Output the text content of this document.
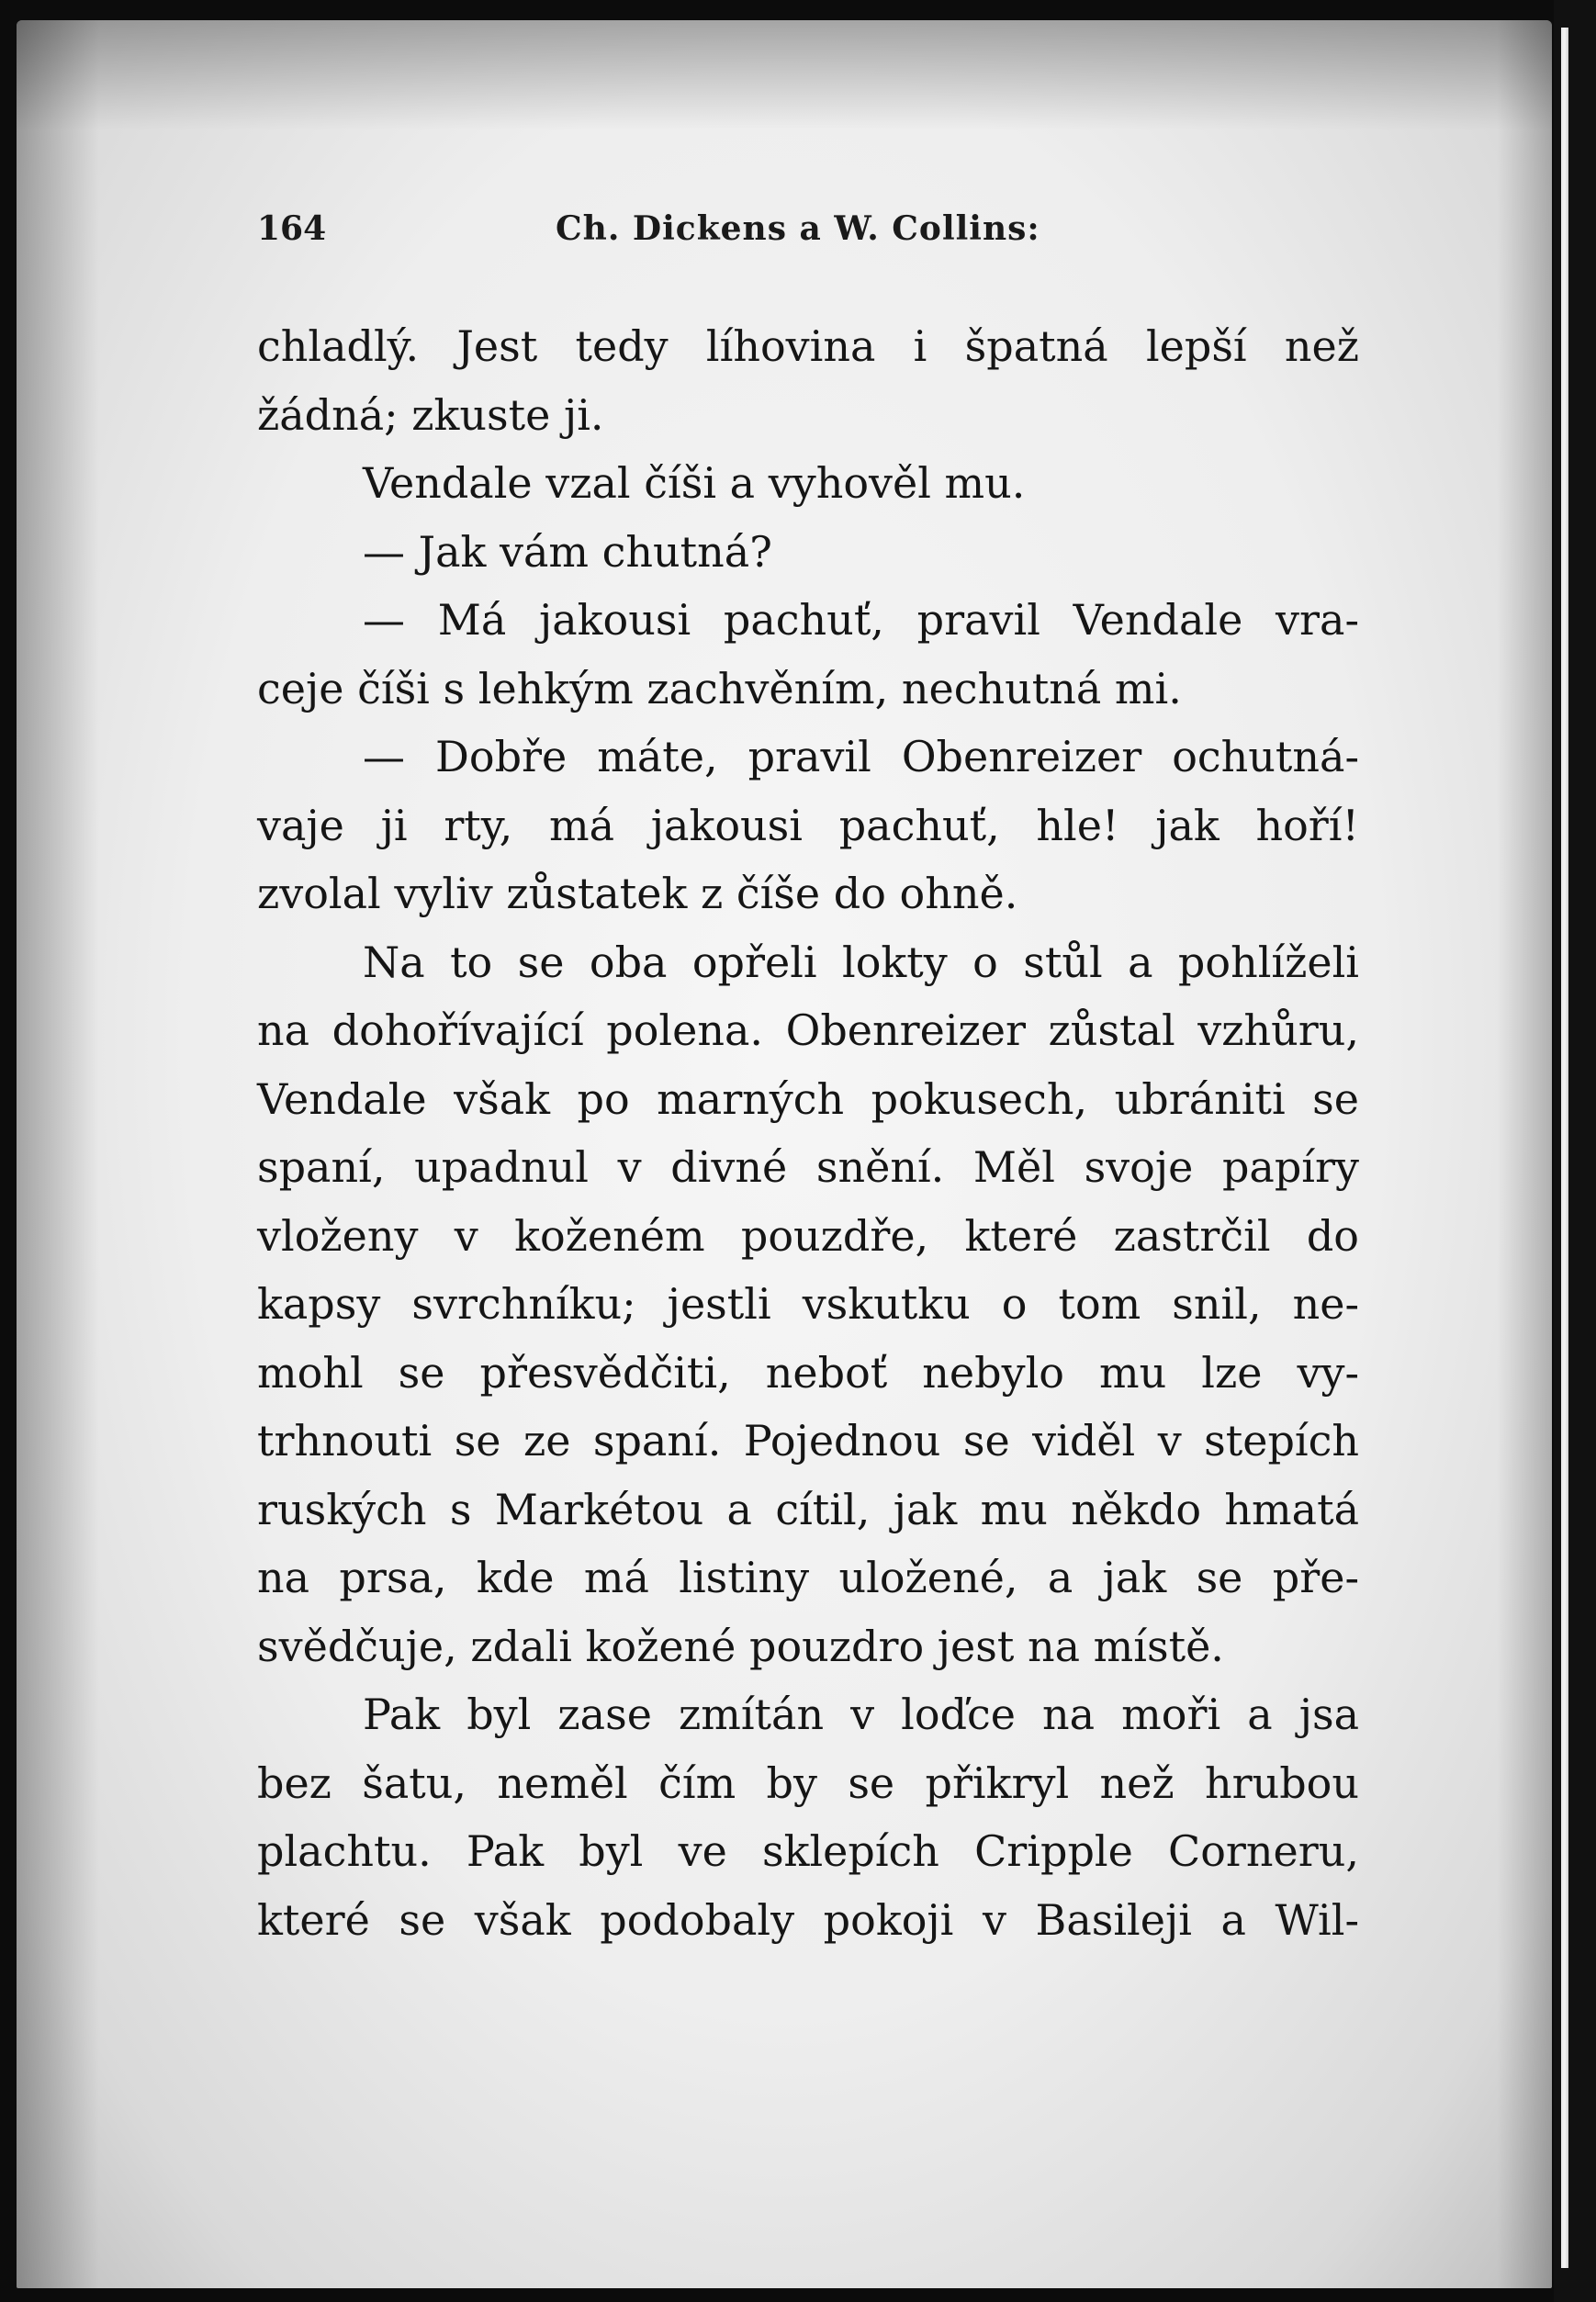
164	Ch. Dickens a W. Collins:
chladlý. Jest tedy líhovina i špatná lepší než
žádná; zkuste ji.
Vendale vzal číši a vyhověl mu.
— Jak vám chutná?
— Má jakousi pachuť, pravil Vendale vra-
ceje číši s lehkým zachvěním, nechutná mi.
— Dobře máte, pravil Obenreizer ochutná-
vaje ji rty, má jakousi pachuť, hle! jak hoří!
zvolal vyliv zůstatek z číše do ohně.
Na to se oba opřeli lokty o stůl a pohlíželi
na dohořívající polena. Obenreizer zůstal vzhůru,
Vendale však po marných pokusech, ubrániti se
spaní, upadnul v divné snění. Měl svoje papíry
vloženy v koženém pouzdře, které zastrčil do
kapsy svrchníku; jestli vskutku o tom snil, ne-
mohl se přesvědčiti, neboť nebylo mu lze vy-
trhnouti se ze spaní. Pojednou se viděl v stepích
ruských s Markétou a cítil, jak mu někdo hmatá
na prsa, kde má listiny uložené, a jak se pře-
svědčuje, zdali kožené pouzdro jest na místě.
Pak byl zase zmítán v loďce na moři a jsa
bez šatu, neměl čím by se přikryl než hrubou
plachtu. Pak byl ve sklepích Cripple Corneru,
které se však podobaly pokoji v Basileji a Wil-
